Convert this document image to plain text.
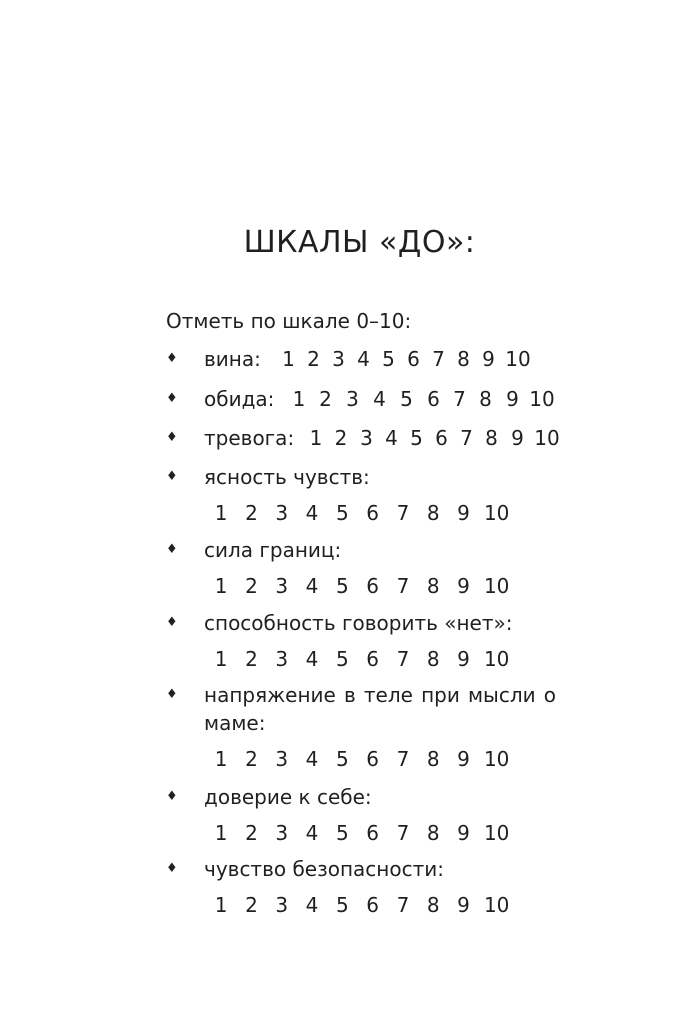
ШКАЛЫ «ДО»:

Отметь по шкале 0–10:

♦ вина:	1 2 3 4 5 6 7 8 9 10
♦ обида: 1 2 3 4 5 6 7 8 9 10
♦ тревога: 1 2 3 4 5 6 7 8 9 10
♦ ясность чувств:
1 2 3 4 5 6 7 8 9 10
♦ сила границ:
1 2 3 4 5 6 7 8 9 10
♦ способность говорить «нет»:
1 2 3 4 5 6 7 8 9 10
♦ напряжение в теле при мысли о маме:
1 2 3 4 5 6 7 8 9 10
♦ доверие к себе:
1 2 3 4 5 6 7 8 9 10
♦ чувство безопасности:
1 2 3 4 5 6 7 8 9 10
